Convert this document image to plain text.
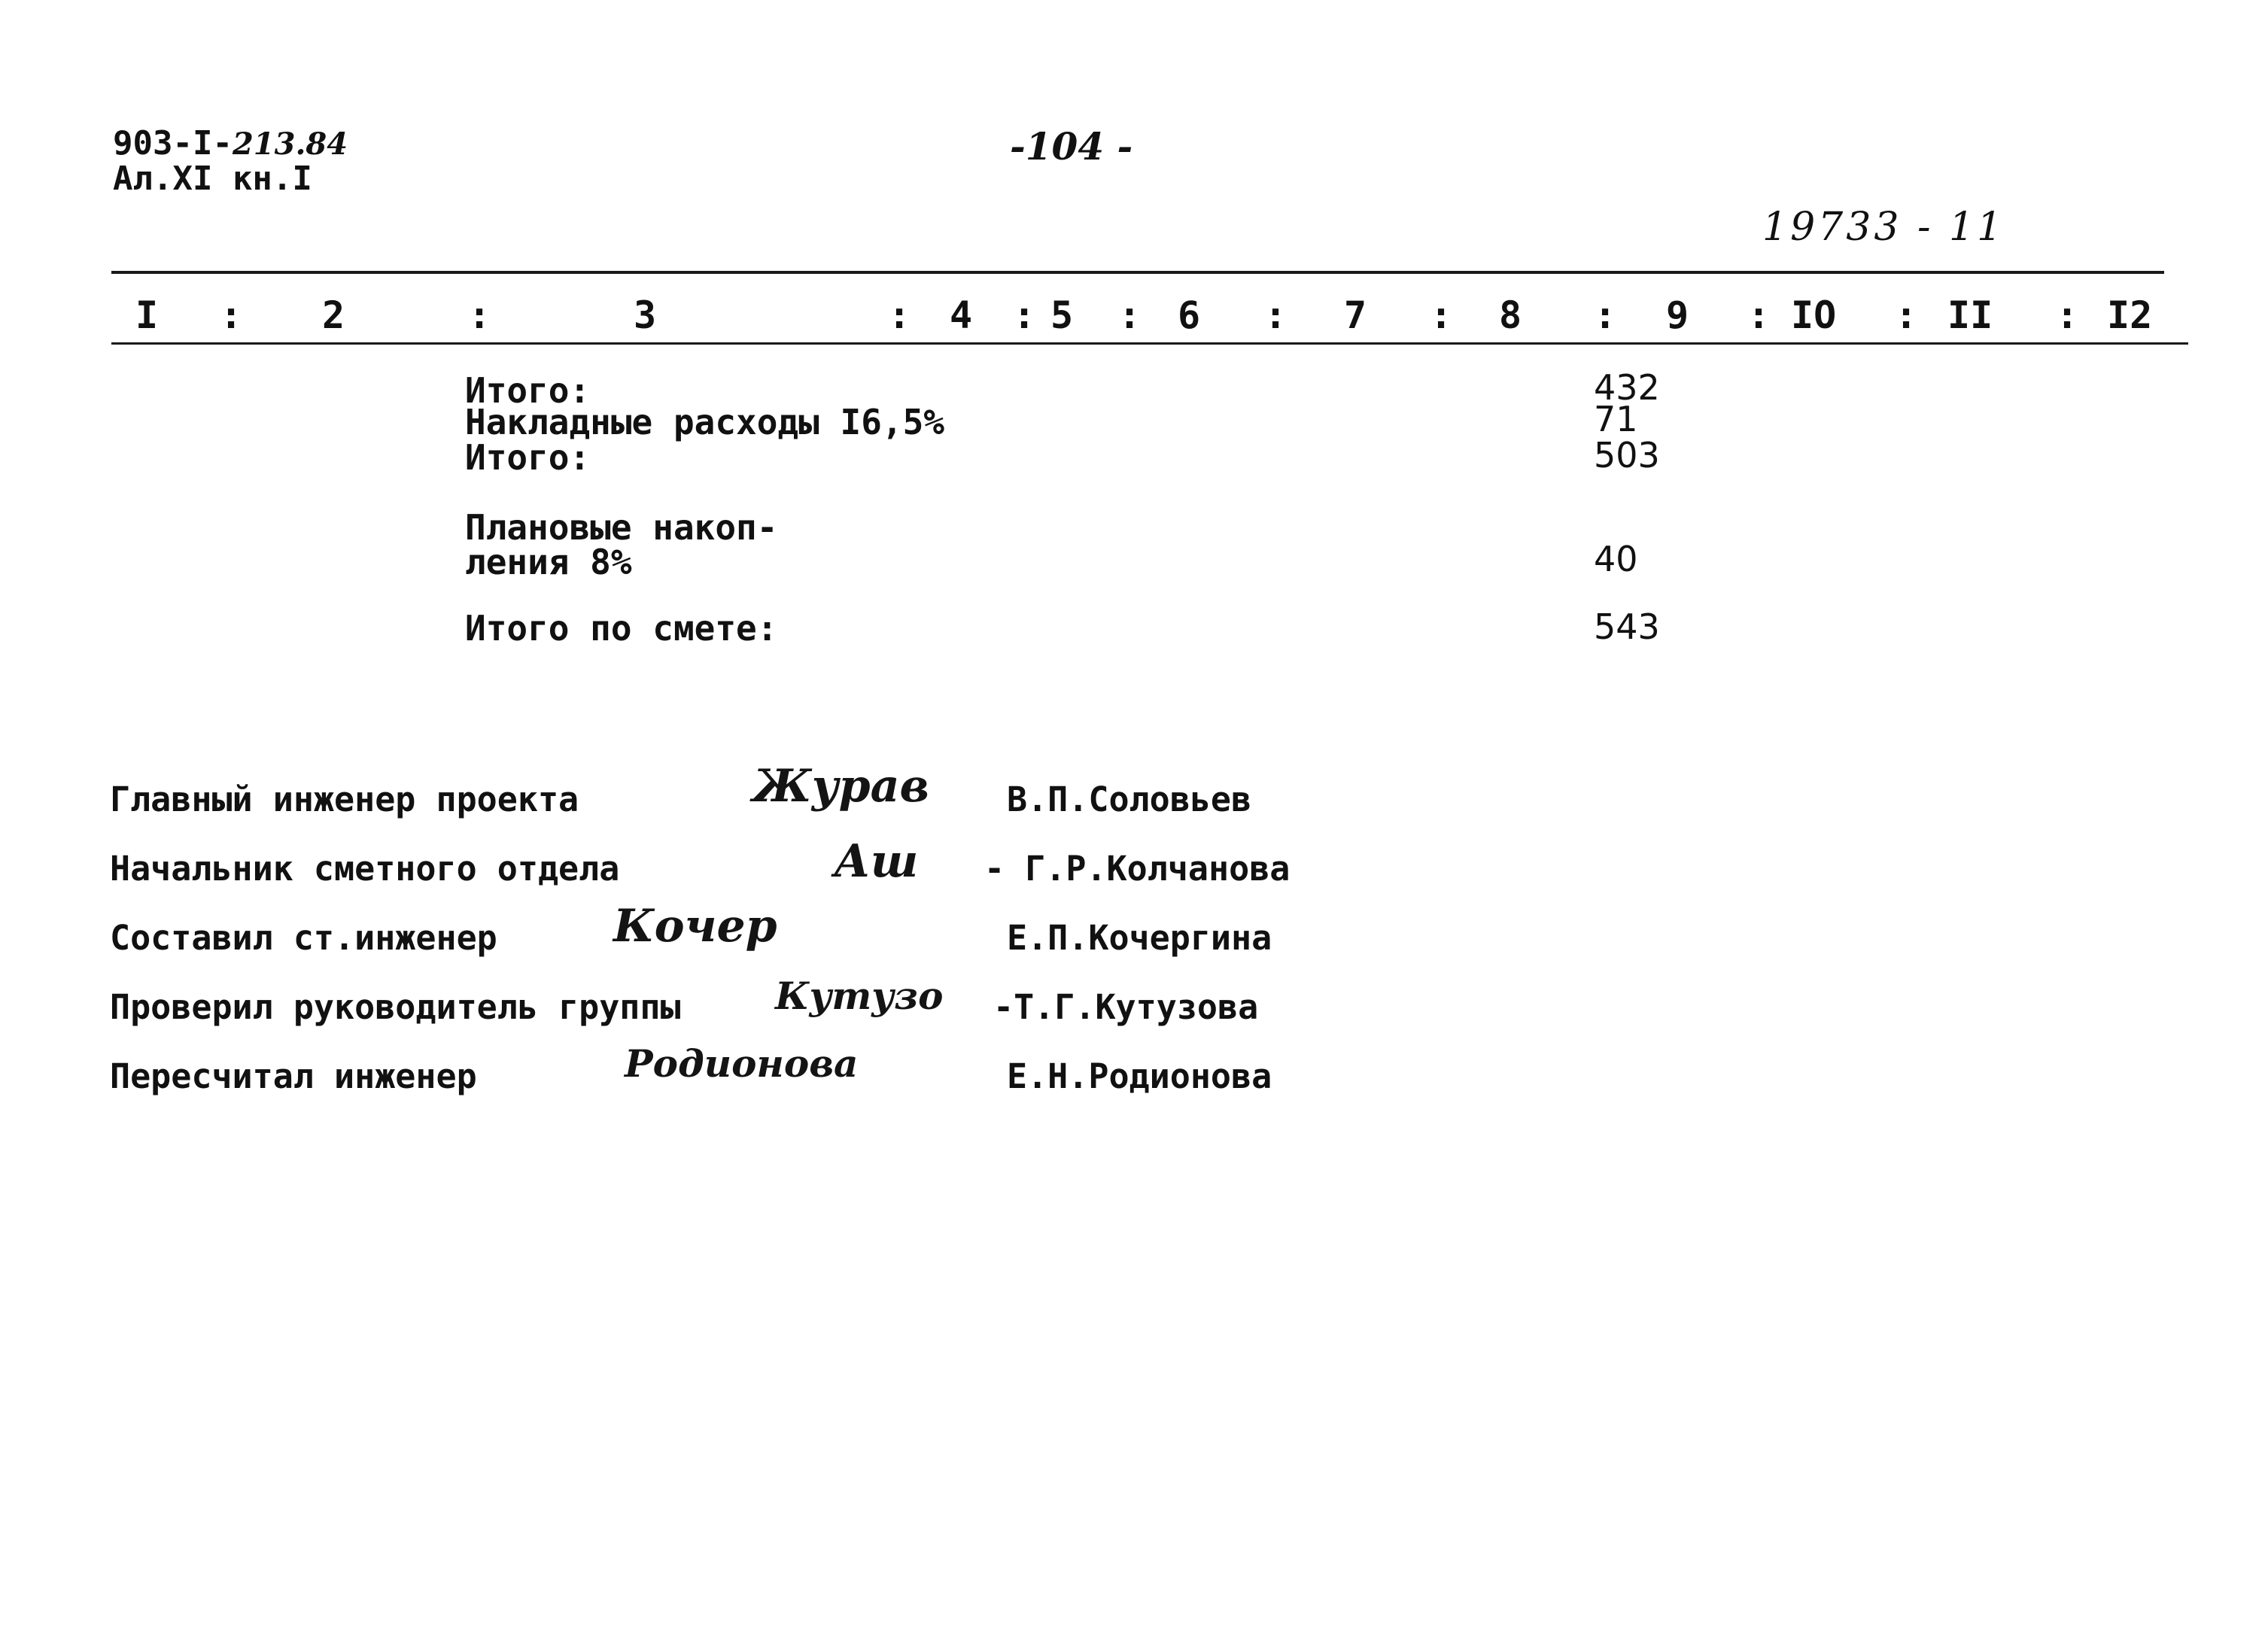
903-I-213.84
Ал.XI кн.I
-104 -
19733 - 11
I	2	3	4 5	6	7	8	9	IO	II	I2
:	:	:	: :	:	:	:	:	:	:
Итого:	432
Накладные расходы I6,5%	71
Итого:	503
Плановые накоп-
ления 8%	40
Итого по смете:	543
Главный инженер проекта	Журав В.П.Соловьев
Начальник сметного отдела	Аш - Г.Р.Колчанова
Составил ст.инженер	Кочер	Е.П.Кочергина
Проверил руководитель группы	Кутузо -Т.Г.Кутузова
Пересчитал инженер	Родионова	Е.Н.Родионова
